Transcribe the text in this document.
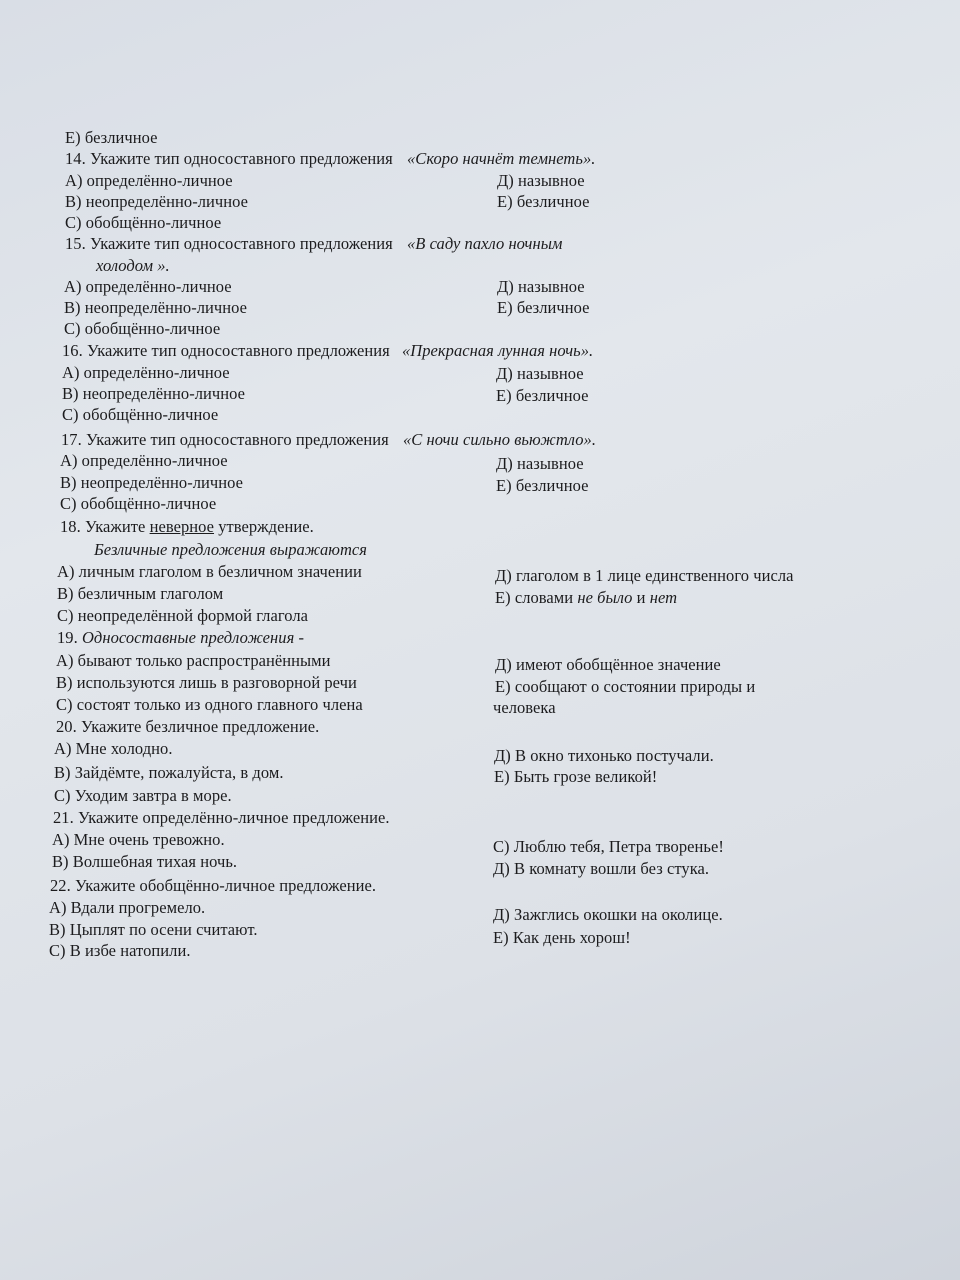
E) безличное
14. Укажите тип односоставного предложения «Скоро начнёт темнеть».
А) определённо-личное
В) неопределённо-личное
С) обобщённо-личное
Д) назывное
Е) безличное
15. Укажите тип односоставного предложения «В саду пахло ночным
холодом ».
А) определённо-личное
В) неопределённо-личное
С) обобщённо-личное
Д) назывное
Е) безличное
16. Укажите тип односоставного предложения «Прекрасная лунная ночь».
А) определённо-личное
В) неопределённо-личное
С) обобщённо-личное
Д) назывное
Е) безличное
17. Укажите тип односоставного предложения «С ночи сильно вьюжтло».
А) определённо-личное
В) неопределённо-личное
С) обобщённо-личное
Д) назывное
Е) безличное
18. Укажите неверное утверждение.
Безличные предложения выражаются
А) личным глаголом в безличном значении
В) безличным глаголом
С) неопределённой формой глагола
Д) глаголом в 1 лице единственного числа
Е) словами не было и нет
19. Односоставные предложения -
А) бывают только распространёнными
В) используются лишь в разговорной речи
С) состоят только из одного главного члена
Д) имеют обобщённое значение
Е) сообщают о состоянии природы и
человека
20. Укажите безличное предложение.
А) Мне холодно.
В) Зайдёмте, пожалуйста, в дом.
С) Уходим завтра в море.
Д) В окно тихонько постучали.
Е) Быть грозе великой!
21. Укажите определённо-личное предложение.
А) Мне очень тревожно.
В) Волшебная тихая ночь.
С) Люблю тебя, Петра творенье!
Д) В комнату вошли без стука.
22. Укажите обобщённо-личное предложение.
А) Вдали прогремело.
В) Цыплят по осени считают.
С) В избе натопили.
Д) Зажглись окошки на околице.
Е) Как день хорош!
